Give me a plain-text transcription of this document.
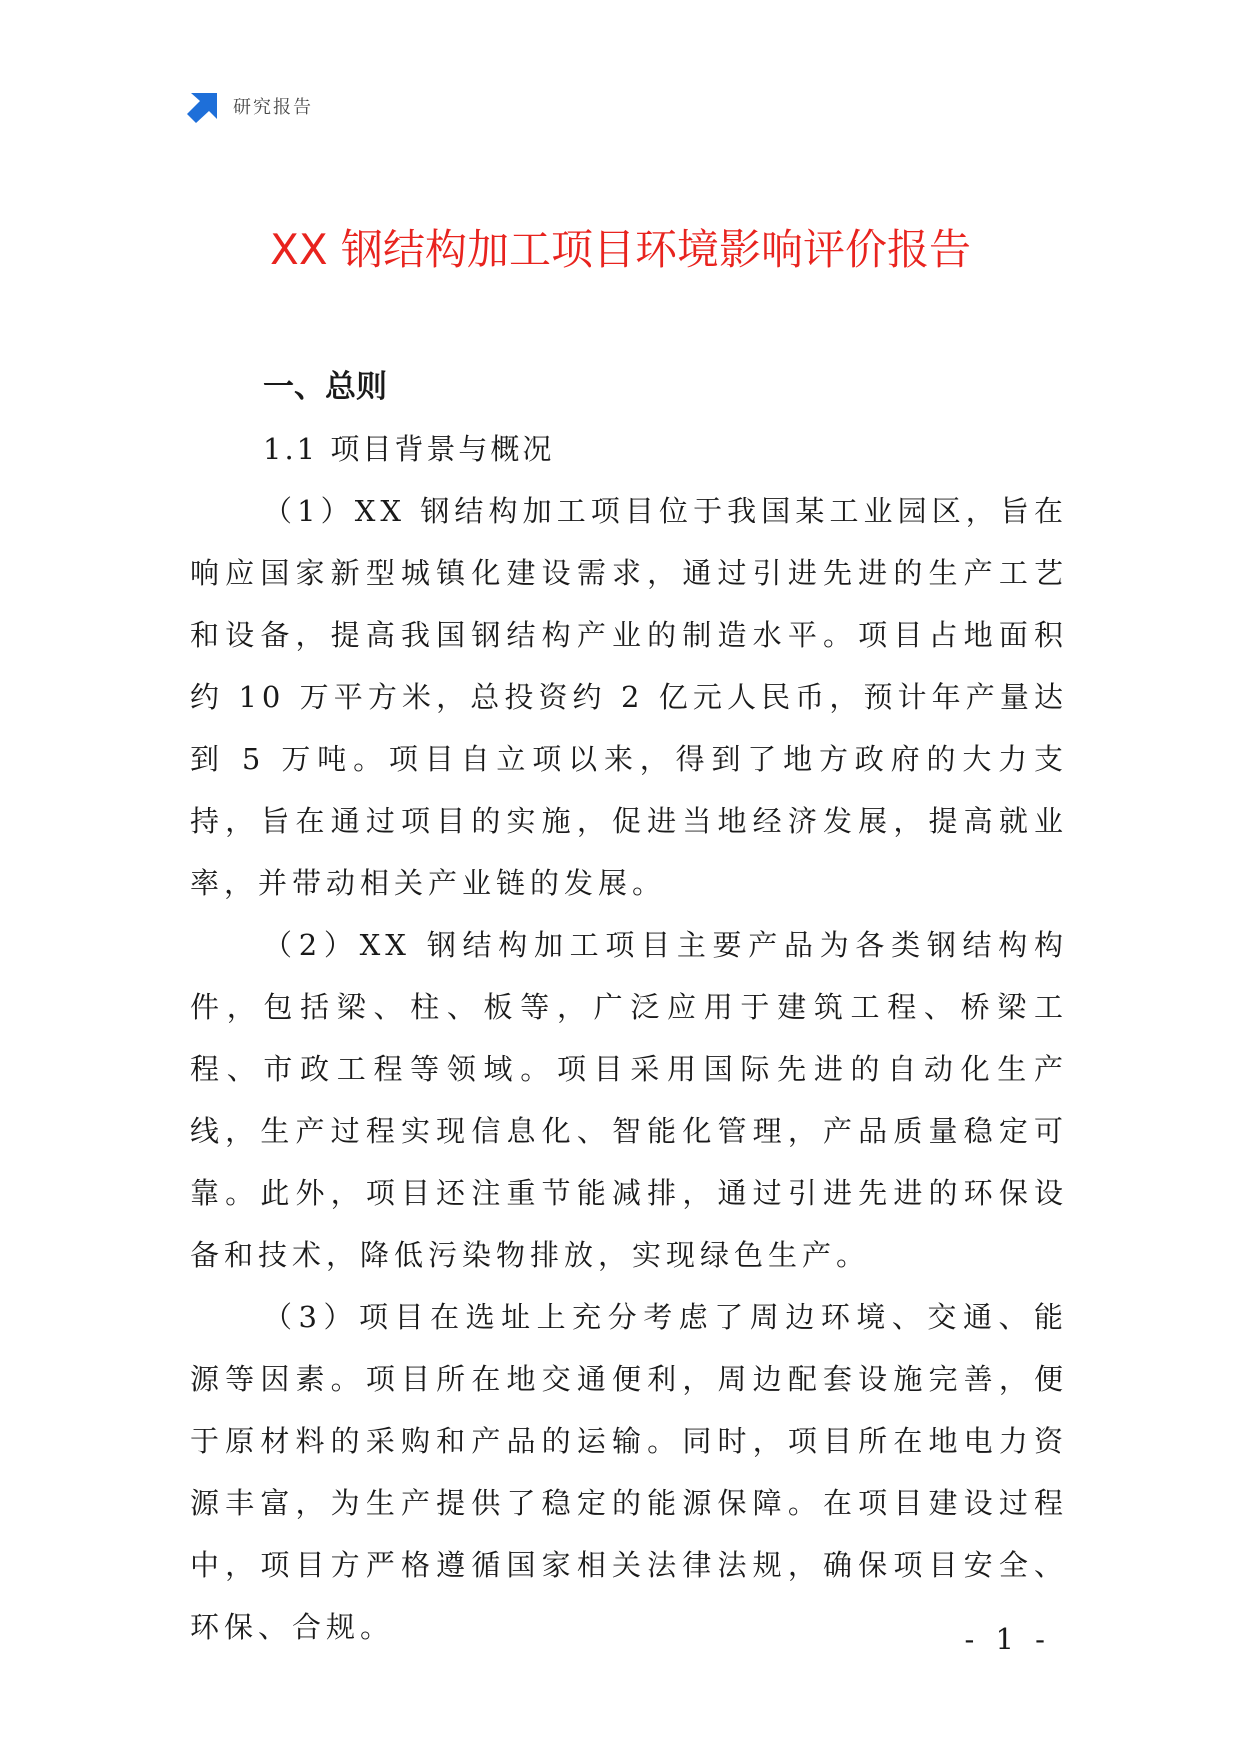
研究报告
XX 钢结构加工项目环境影响评价报告
一、总则
1.1 项目背景与概况

（1）XX 钢结构加工项目位于我国某工业园区，旨在响应国家新型城镇化建设需求，通过引进先进的生产工艺和设备，提高我国钢结构产业的制造水平。项目占地面积约 10 万平方米，总投资约 2 亿元人民币，预计年产量达到 5 万吨。项目自立项以来，得到了地方政府的大力支持，旨在通过项目的实施，促进当地经济发展，提高就业率，并带动相关产业链的发展。

（2）XX 钢结构加工项目主要产品为各类钢结构构件，包括梁、柱、板等，广泛应用于建筑工程、桥梁工程、市政工程等领域。项目采用国际先进的自动化生产线，生产过程实现信息化、智能化管理，产品质量稳定可靠。此外，项目还注重节能减排，通过引进先进的环保设备和技术，降低污染物排放，实现绿色生产。

（3）项目在选址上充分考虑了周边环境、交通、能源等因素。项目所在地交通便利，周边配套设施完善，便于原材料的采购和产品的运输。同时，项目所在地电力资源丰富，为生产提供了稳定的能源保障。在项目建设过程中，项目方严格遵循国家相关法律法规，确保项目安全、环保、合规。	- 1 -
